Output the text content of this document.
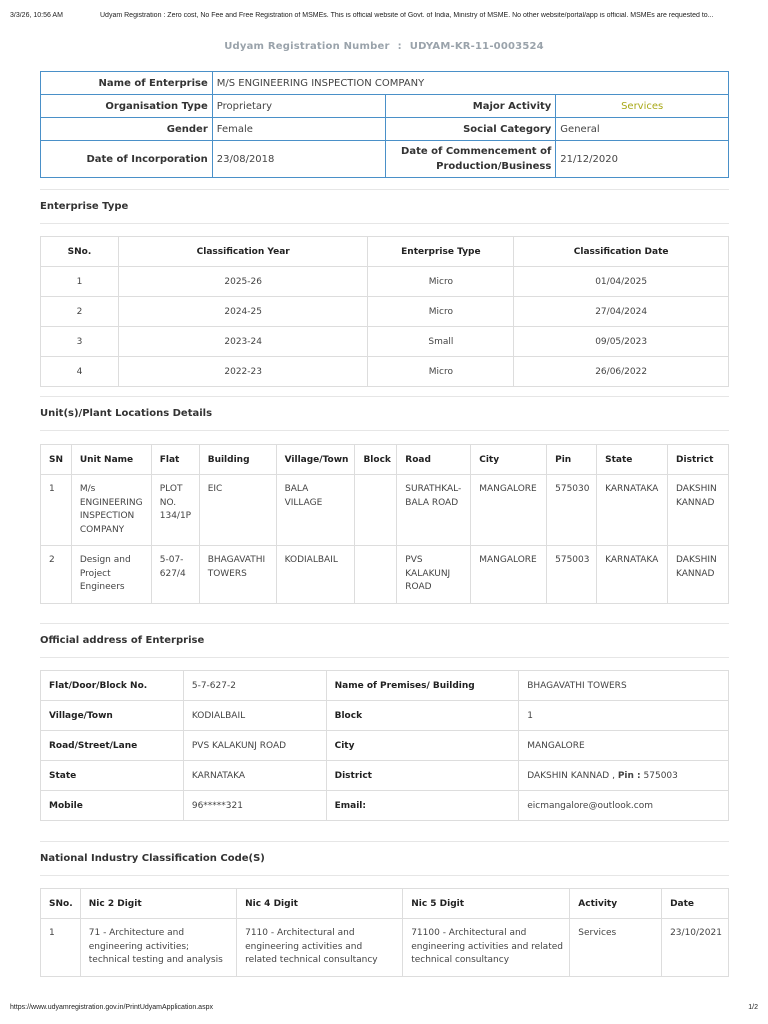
3/3/26, 10:56 AM	Udyam Registration : Zero cost, No Fee and Free Registration of MSMEs. This is official website of Govt. of India, Ministry of MSME. No other website/portal/app is official. MSMEs are requested to...
Udyam Registration Number : UDYAM-KR-11-0003524
Name of Enterprise	M/S ENGINEERING INSPECTION COMPANY		
Organisation Type	Proprietary	Major Activity	Services
Gender	Female	Social Category	General
Date of Incorporation	23/08/2018	Date of Commencement of Production/Business	21/12/2020
Enterprise Type
SNo.	Classification Year	Enterprise Type	Classification Date
1	2025-26	Micro	01/04/2025
2	2024-25	Micro	27/04/2024
3	2023-24	Small	09/05/2023
4	2022-23	Micro	26/06/2022
Unit(s)/Plant Locations Details
SN	Unit Name	Flat	Building	Village/Town	Block	Road	City	Pin	State	District
1	M/s ENGINEERING INSPECTION COMPANY	PLOT NO. 134/1P	EIC	BALA VILLAGE		SURATHKAL-BALA ROAD	MANGALORE	575030	KARNATAKA	DAKSHIN KANNAD
2	Design and Project Engineers	5-07-627/4	BHAGAVATHI TOWERS	KODIALBAIL		PVS KALAKUNJ ROAD	MANGALORE	575003	KARNATAKA	DAKSHIN KANNAD
Official address of Enterprise
Flat/Door/Block No.	5-7-627-2	Name of Premises/ Building	BHAGAVATHI TOWERS
Village/Town	KODIALBAIL	Block	1
Road/Street/Lane	PVS KALAKUNJ ROAD	City	MANGALORE
State	KARNATAKA	District	DAKSHIN KANNAD , Pin : 575003
Mobile	96*****321	Email:	eicmangalore@outlook.com
National Industry Classification Code(S)
SNo.	Nic 2 Digit	Nic 4 Digit	Nic 5 Digit	Activity	Date
1	71 - Architecture and engineering activities; technical testing and analysis	7110 - Architectural and engineering activities and related technical consultancy	71100 - Architectural and engineering activities and related technical consultancy	Services	23/10/2021
https://www.udyamregistration.gov.in/PrintUdyamApplication.aspx	1/2
